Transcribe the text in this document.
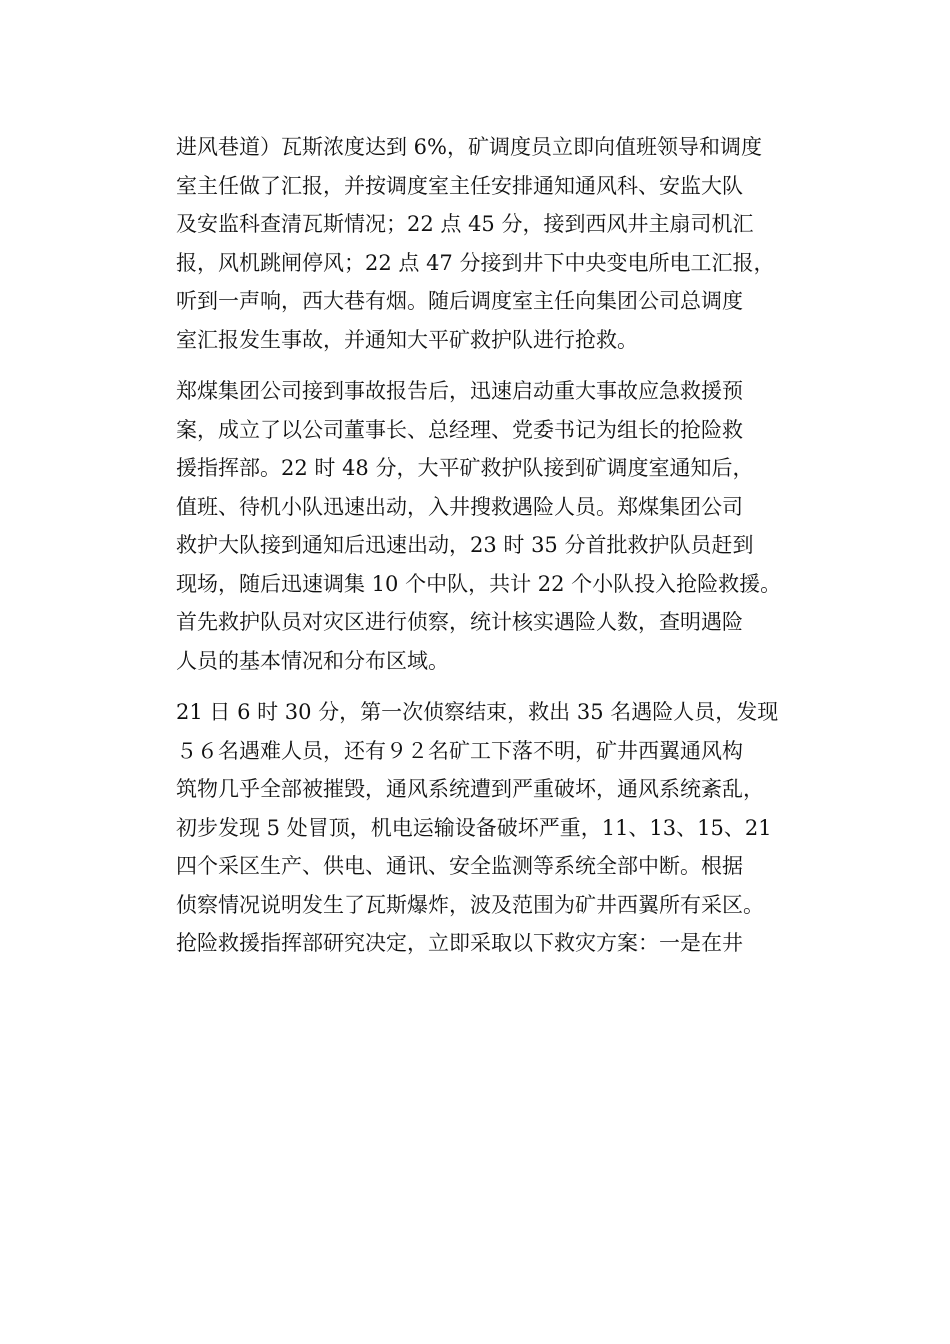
进风巷道）瓦斯浓度达到 6%，矿调度员立即向值班领导和调度
室主任做了汇报，并按调度室主任安排通知通风科、安监大队
及安监科查清瓦斯情况；22 点 45 分，接到西风井主扇司机汇
报，风机跳闸停风；22 点 47 分接到井下中央变电所电工汇报，
听到一声响，西大巷有烟。随后调度室主任向集团公司总调度
室汇报发生事故，并通知大平矿救护队进行抢救。

郑煤集团公司接到事故报告后，迅速启动重大事故应急救援预
案，成立了以公司董事长、总经理、党委书记为组长的抢险救
援指挥部。22 时 48 分，大平矿救护队接到矿调度室通知后，
值班、待机小队迅速出动，入井搜救遇险人员。郑煤集团公司
救护大队接到通知后迅速出动，23 时 35 分首批救护队员赶到
现场，随后迅速调集 10 个中队，共计 22 个小队投入抢险救援。
首先救护队员对灾区进行侦察，统计核实遇险人数，查明遇险
人员的基本情况和分布区域。

21 日 6 时 30 分，第一次侦察结束，救出 35 名遇险人员，发现
５６名遇难人员，还有９２名矿工下落不明，矿井西翼通风构
筑物几乎全部被摧毁，通风系统遭到严重破坏，通风系统紊乱，
初步发现 5 处冒顶，机电运输设备破坏严重，11、13、15、21
四个采区生产、供电、通讯、安全监测等系统全部中断。根据
侦察情况说明发生了瓦斯爆炸，波及范围为矿井西翼所有采区。
抢险救援指挥部研究决定，立即采取以下救灾方案：一是在井
